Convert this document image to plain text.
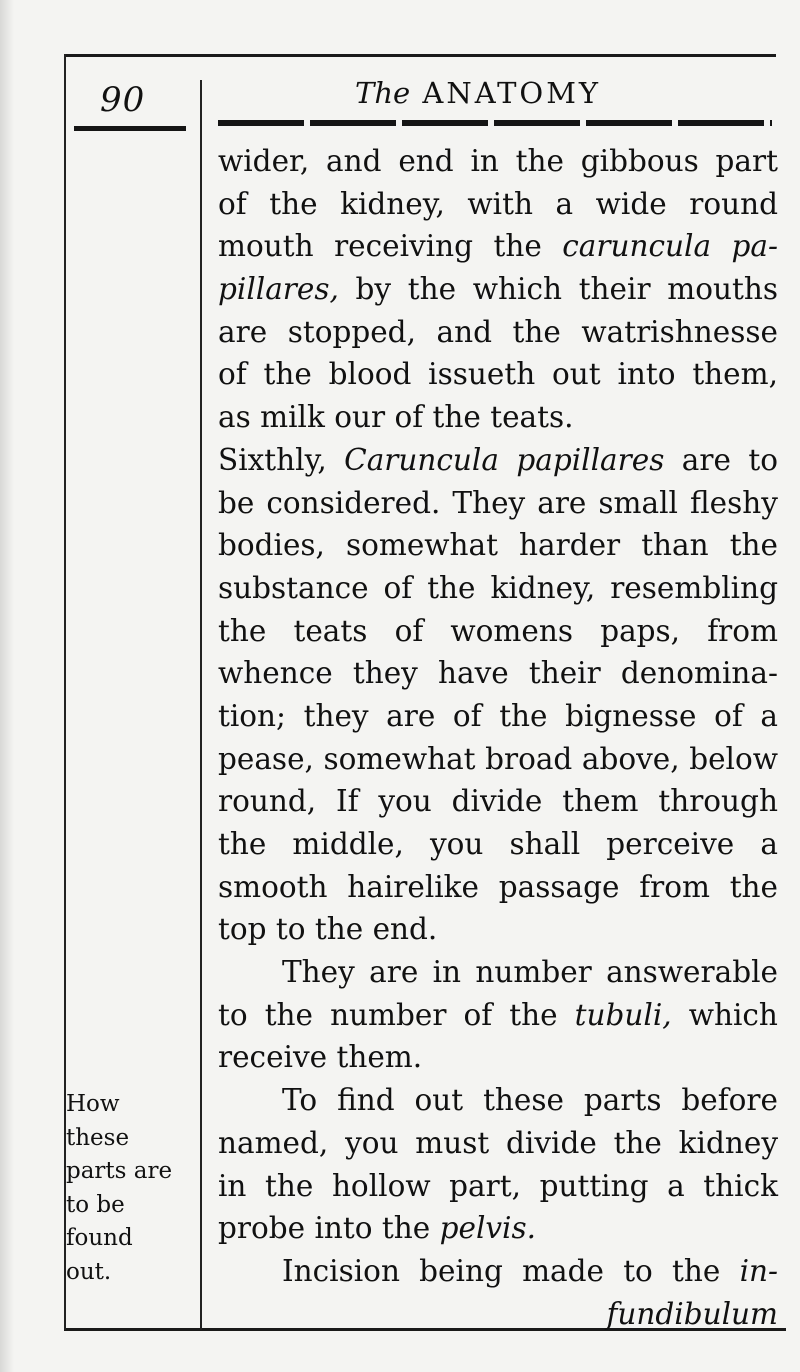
90	The ANATOMY
How
these
parts are
to be
found
out.
wider, and end in the gibbous part
of the kidney, with a wide round
mouth receiving the caruncula pa-
pillares, by the which their mouths
are stopped, and the watrishnesse
of the blood issueth out into them,
as milk our of the teats.
Sixthly, Caruncula papillares are to
be considered. They are small fleshy
bodies, somewhat harder than the
substance of the kidney, resembling
the teats of womens paps, from
whence they have their denomina-
tion; they are of the bignesse of a
pease, somewhat broad above, below
round, If you divide them through
the middle, you shall perceive a
smooth hairelike passage from the
top to the end.
They are in number answerable
to the number of the tubuli, which
receive them.
To find out these parts before
named, you must divide the kidney
in the hollow part, putting a thick
probe into the pelvis.
Incision being made to the in-
fundibulum
